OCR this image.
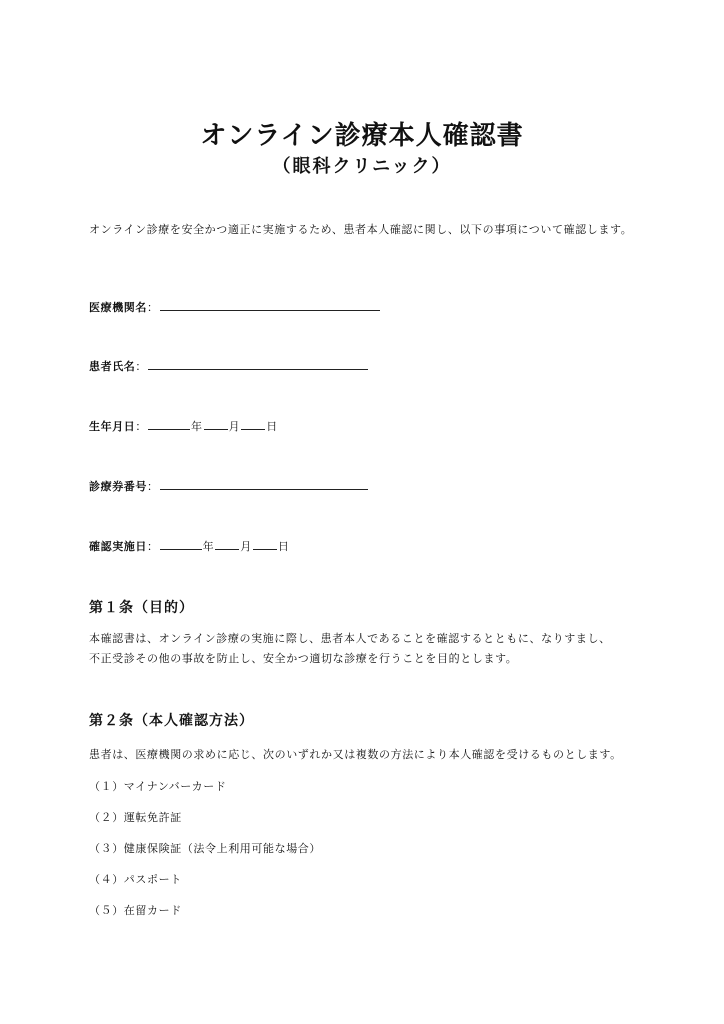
オンライン診療本人確認書
（眼科クリニック）
オンライン診療を安全かつ適正に実施するため、患者本人確認に関し、以下の事項について確認します。
医療機関名：
患者氏名：
生年月日：	年 月 日
診療券番号：
確認実施日：	年 月 日
第１条（目的）
本確認書は、オンライン診療の実施に際し、患者本人であることを確認するとともに、なりすまし、
不正受診その他の事故を防止し、安全かつ適切な診療を行うことを目的とします。
第２条（本人確認方法）
患者は、医療機関の求めに応じ、次のいずれか又は複数の方法により本人確認を受けるものとします。
（１）マイナンバーカード
（２）運転免許証
（３）健康保険証（法令上利用可能な場合）
（４）パスポート
（５）在留カード
